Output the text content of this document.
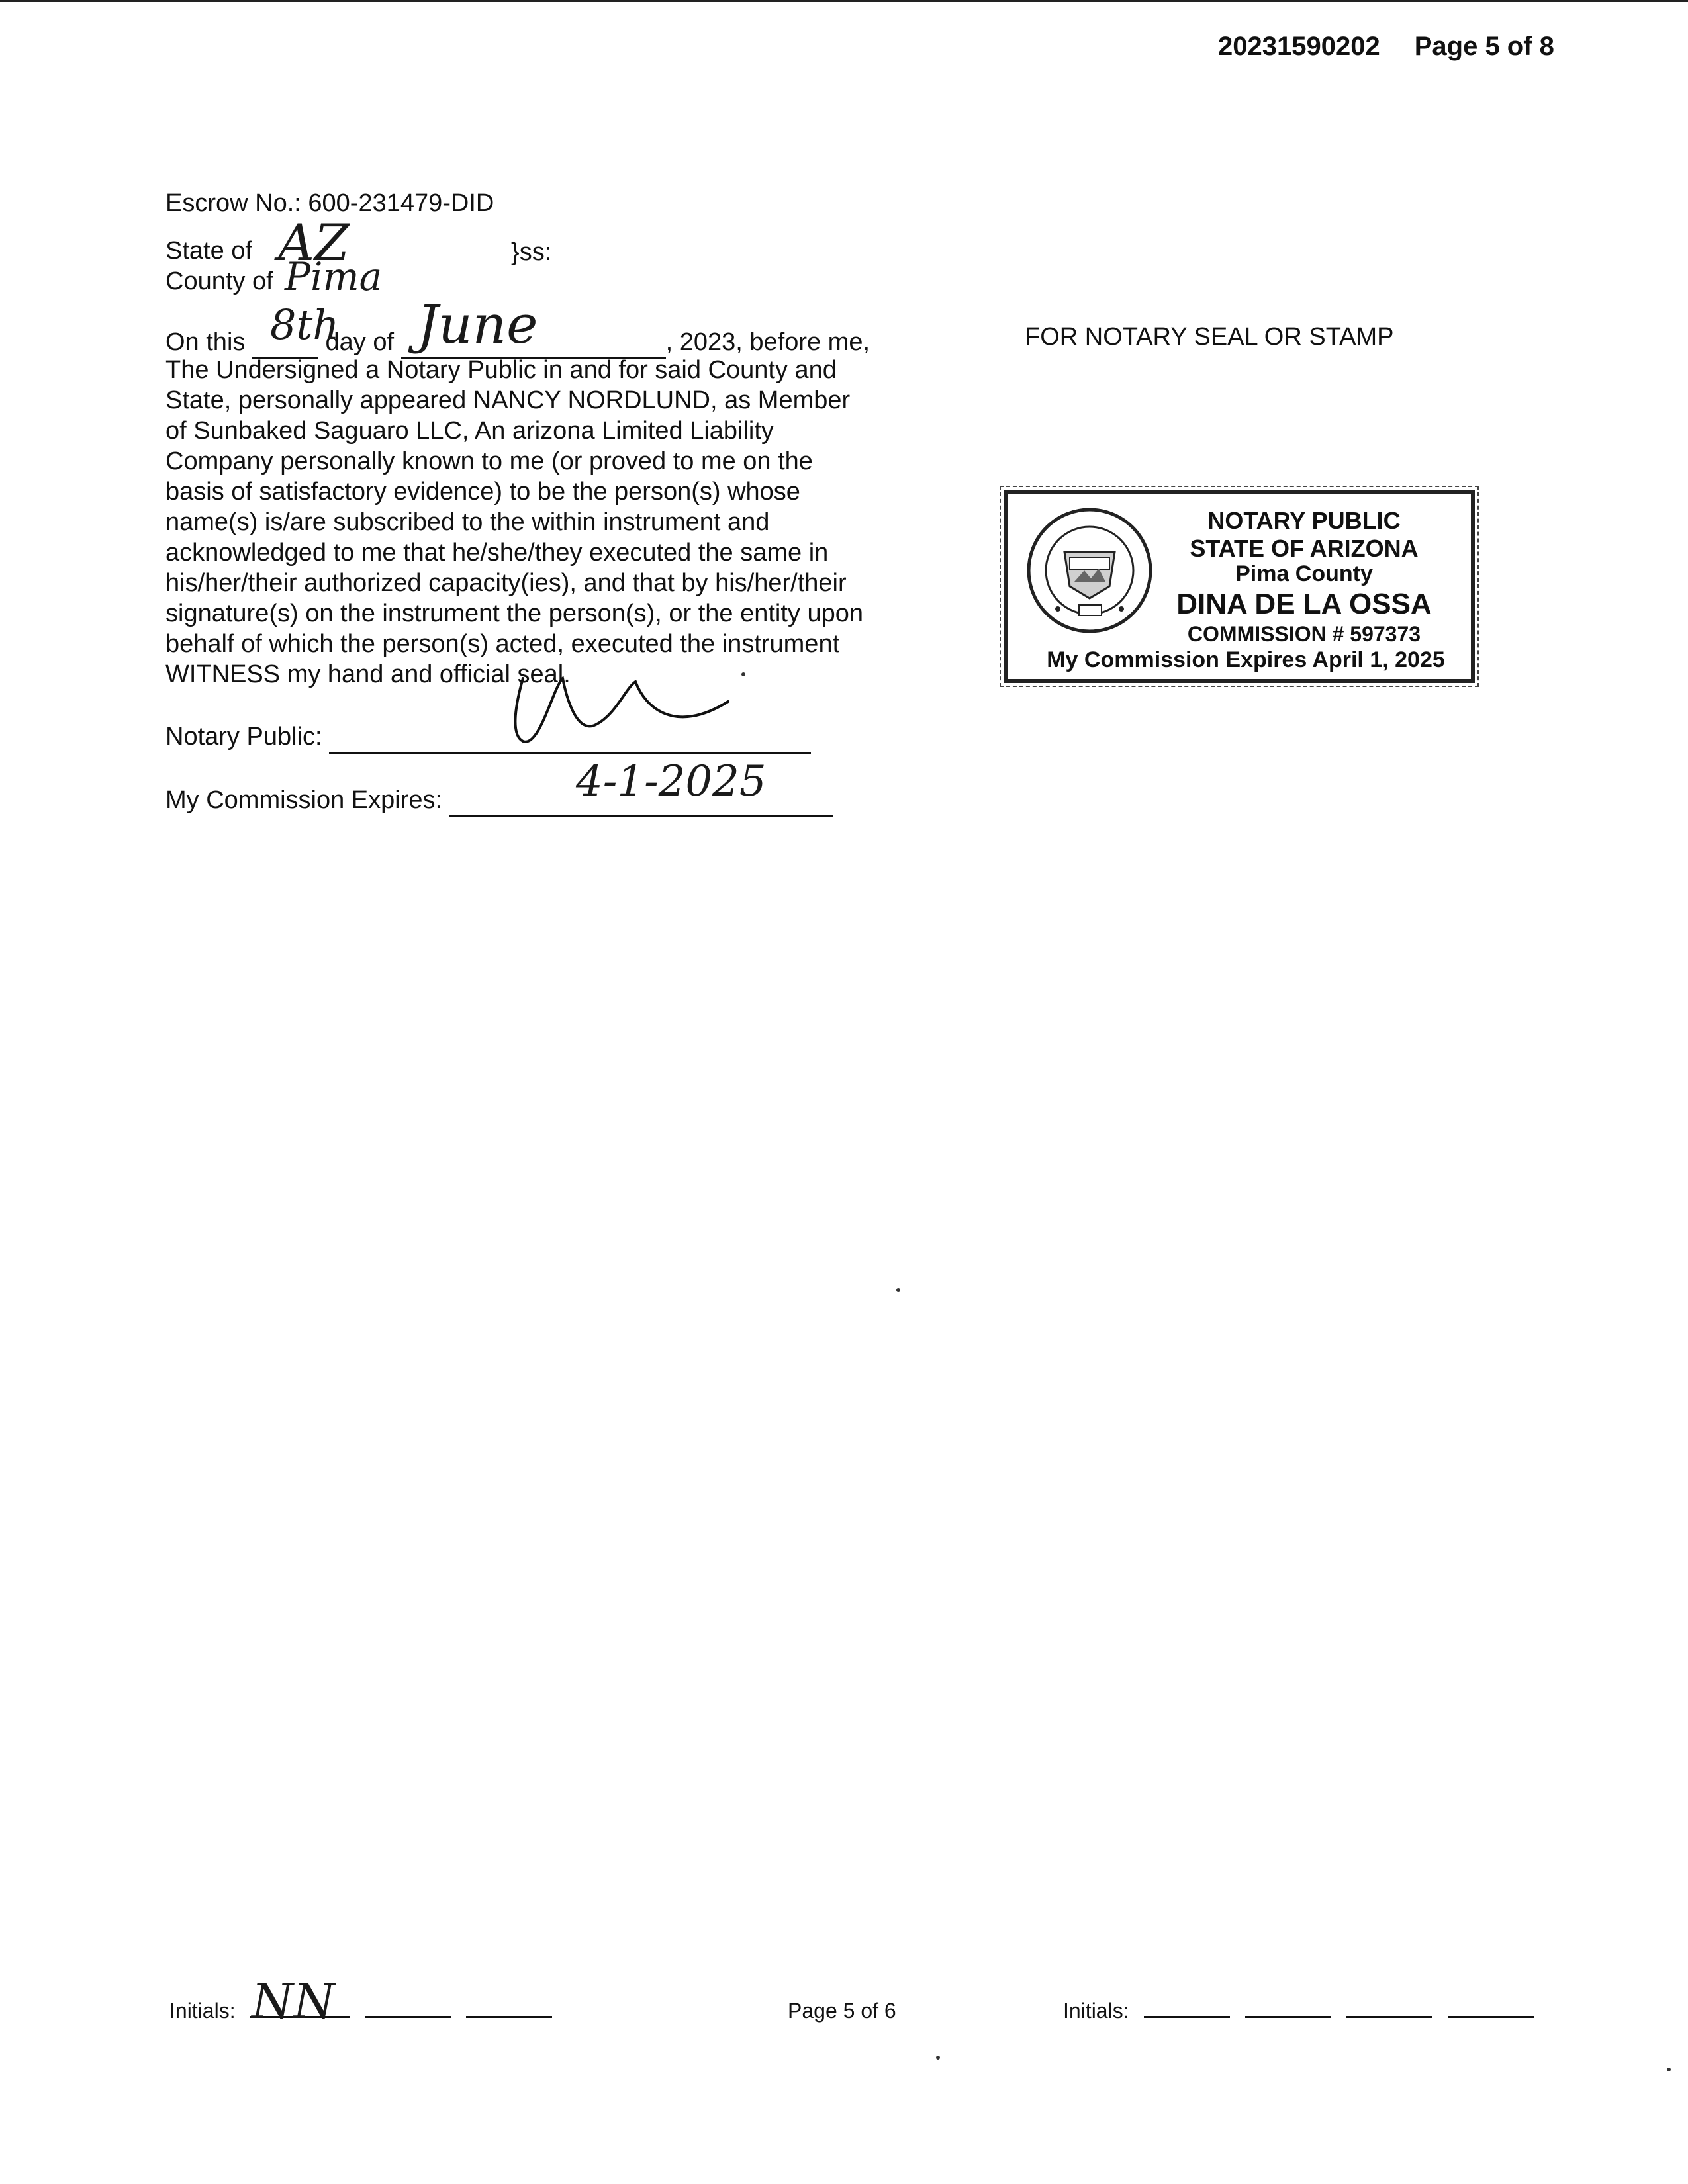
20231590202 Page 5 of 8
Escrow No.: 600-231479-DID
State of AZ	}ss:
County of Pima
On this	day of	, 2023, before me,
8th June
The Undersigned a Notary Public in and for said County and
State, personally appeared NANCY NORDLUND, as Member
of Sunbaked Saguaro LLC, An arizona Limited Liability
Company personally known to me (or proved to me on the
basis of satisfactory evidence) to be the person(s) whose
name(s) is/are subscribed to the within instrument and
acknowledged to me that he/she/they executed the same in
his/her/their authorized capacity(ies), and that by his/her/their
signature(s) on the instrument the person(s), or the entity upon
behalf of which the person(s) acted, executed the instrument
WITNESS my hand and official seal.
Notary Public:
My Commission Expires:	4-1-2025
FOR NOTARY SEAL OR STAMP
NOTARY PUBLIC
STATE OF ARIZONA
Pima County
DINA DE LA OSSA
COMMISSION # 597373
My Commission Expires April 1, 2025
Initials: NN	Page 5 of 6	Initials:
